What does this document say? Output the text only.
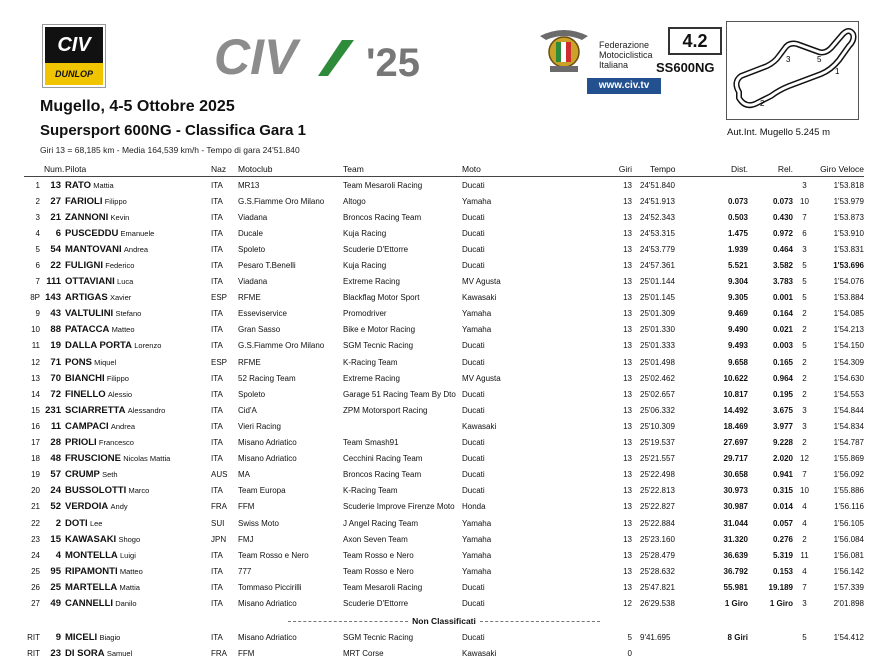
CIV
DUNLOP CIV '25	Federazione
Motociclistica
Italiana
www.civ.tv
4.2
SS600NG	1
2
3	5
Mugello, 4-5 Ottobre 2025
Supersport 600NG - Classifica Gara 1	Aut.Int. Mugello 5.245 m
Giri 13 = 68,185 km - Media 164,539 km/h - Tempo di gara 24'51.840
	Num.	Pilota	Naz	Motoclub	Team	Moto	Giri	Tempo	Dist.	Rel.	Giro Veloce	
1	13	RATO Mattia	ITA	MR13	Team Mesaroli Racing	Ducati	13	24'51.840			3	1'53.818
2	27	FARIOLI Filippo	ITA	G.S.Fiamme Oro Milano	Altogo	Yamaha	13	24'51.913	0.073	0.073	10	1'53.979
3	21	ZANNONI Kevin	ITA	Viadana	Broncos Racing Team	Ducati	13	24'52.343	0.503	0.430	7	1'53.873
4	6	PUSCEDDU Emanuele	ITA	Ducale	Kuja Racing	Ducati	13	24'53.315	1.475	0.972	6	1'53.910
5	54	MANTOVANI Andrea	ITA	Spoleto	Scuderie D'Ettorre	Ducati	13	24'53.779	1.939	0.464	3	1'53.831
6	22	FULIGNI Federico	ITA	Pesaro T.Benelli	Kuja Racing	Ducati	13	24'57.361	5.521	3.582	5	1'53.696
7	111	OTTAVIANI Luca	ITA	Viadana	Extreme Racing	MV Agusta	13	25'01.144	9.304	3.783	5	1'54.076
8P	143	ARTIGAS Xavier	ESP	RFME	Blackflag Motor Sport	Kawasaki	13	25'01.145	9.305	0.001	5	1'53.884
9	43	VALTULINI Stefano	ITA	Esseviservice	Promodriver	Yamaha	13	25'01.309	9.469	0.164	2	1'54.085
10	88	PATACCA Matteo	ITA	Gran Sasso	Bike e Motor Racing	Yamaha	13	25'01.330	9.490	0.021	2	1'54.213
11	19	DALLA PORTA Lorenzo	ITA	G.S.Fiamme Oro Milano	SGM Tecnic Racing	Ducati	13	25'01.333	9.493	0.003	5	1'54.150
12	71	PONS Miquel	ESP	RFME	K-Racing Team	Ducati	13	25'01.498	9.658	0.165	2	1'54.309
13	70	BIANCHI Filippo	ITA	52 Racing Team	Extreme Racing	MV Agusta	13	25'02.462	10.622	0.964	2	1'54.630
14	72	FINELLO Alessio	ITA	Spoleto	Garage 51 Racing Team By Dto	Ducati	13	25'02.657	10.817	0.195	2	1'54.553
15	231	SCIARRETTA Alessandro	ITA	Cid'A	ZPM Motorsport Racing	Ducati	13	25'06.332	14.492	3.675	3	1'54.844
16	11	CAMPACI Andrea	ITA	Vieri Racing		Kawasaki	13	25'10.309	18.469	3.977	3	1'54.834
17	28	PRIOLI Francesco	ITA	Misano Adriatico	Team Smash91	Ducati	13	25'19.537	27.697	9.228	2	1'54.787
18	48	FRUSCIONE Nicolas Mattia	ITA	Misano Adriatico	Cecchini Racing Team	Ducati	13	25'21.557	29.717	2.020	12	1'55.869
19	57	CRUMP Seth	AUS	MA	Broncos Racing Team	Ducati	13	25'22.498	30.658	0.941	7	1'56.092
20	24	BUSSOLOTTI Marco	ITA	Team Europa	K-Racing Team	Ducati	13	25'22.813	30.973	0.315	10	1'55.886
21	52	VERDOIA Andy	FRA	FFM	Scuderie Improve Firenze Moto	Honda	13	25'22.827	30.987	0.014	4	1'56.116
22	2	DOTI Lee	SUI	Swiss Moto	J Angel Racing Team	Yamaha	13	25'22.884	31.044	0.057	4	1'56.105
23	15	KAWASAKI Shogo	JPN	FMJ	Axon Seven Team	Yamaha	13	25'23.160	31.320	0.276	2	1'56.084
24	4	MONTELLA Luigi	ITA	Team Rosso e Nero	Team Rosso e Nero	Yamaha	13	25'28.479	36.639	5.319	11	1'56.081
25	95	RIPAMONTI Matteo	ITA	777	Team Rosso e Nero	Yamaha	13	25'28.632	36.792	0.153	4	1'56.142
26	25	MARTELLA Mattia	ITA	Tommaso Piccirilli	Team Mesaroli Racing	Ducati	13	25'47.821	55.981	19.189	7	1'57.339
27	49	CANNELLI Danilo	ITA	Misano Adriatico	Scuderie D'Ettorre	Ducati	12	26'29.538	1 Giro	1 Giro	3	2'01.898
Non Classificati												
RIT	9	MICELI Biagio	ITA	Misano Adriatico	SGM Tecnic Racing	Ducati	5	9'41.695	8 Giri		5	1'54.412
RIT	23	DI SORA Samuel	FRA	FFM	MRT Corse	Kawasaki	0					
